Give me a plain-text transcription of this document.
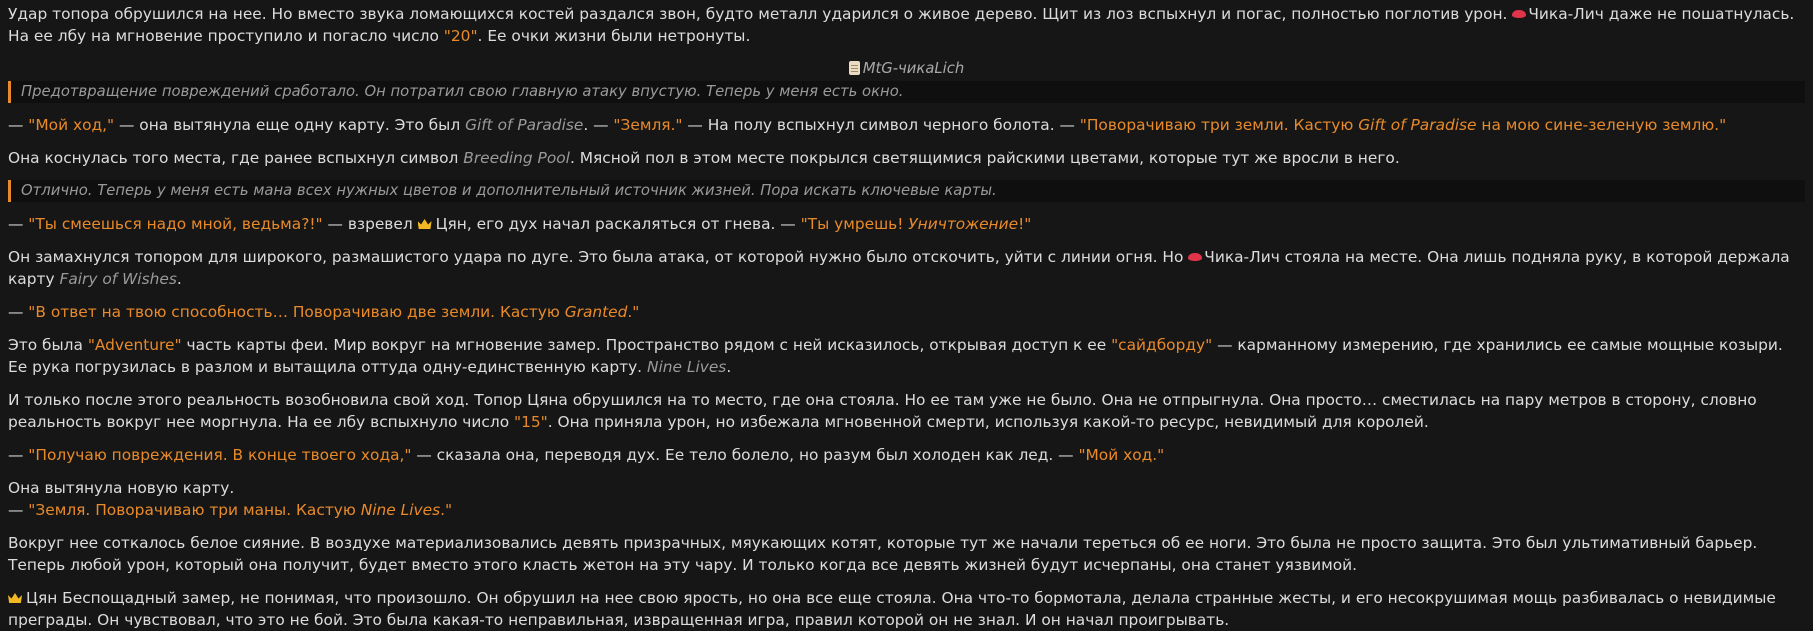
Удар топора обрушился на нее. Но вместо звука ломающихся костей раздался звон, будто металл ударился о живое дерево. Щит из лоз вспыхнул и погас, полностью поглотив урон. Чика-Лич даже не пошатнулась. На ее лбу на мгновение проступило и погасло число "20". Ее очки жизни были нетронуты.
MtG-чикаLich
Предотвращение повреждений сработало. Он потратил свою главную атаку впустую. Теперь у меня есть окно.
— "Мой ход," — она вытянула еще одну карту. Это был Gift of Paradise. — "Земля." — На полу вспыхнул символ черного болота. — "Поворачиваю три земли. Кастую Gift of Paradise на мою сине-зеленую землю."
Она коснулась того места, где ранее вспыхнул символ Breeding Pool. Мясной пол в этом месте покрылся светящимися райскими цветами, которые тут же вросли в него.
Отлично. Теперь у меня есть мана всех нужных цветов и дополнительный источник жизней. Пора искать ключевые карты.
— "Ты смеешься надо мной, ведьма?!" — взревел Цян, его дух начал раскаляться от гнева. — "Ты умрешь! Уничтожение!"
Он замахнулся топором для широкого, размашистого удара по дуге. Это была атака, от которой нужно было отскочить, уйти с линии огня. Но Чика-Лич стояла на месте. Она лишь подняла руку, в которой держала карту Fairy of Wishes.
— "В ответ на твою способность… Поворачиваю две земли. Кастую Granted."
Это была "Adventure" часть карты феи. Мир вокруг на мгновение замер. Пространство рядом с ней исказилось, открывая доступ к ее "сайдборду" — карманному измерению, где хранились ее самые мощные козыри. Ее рука погрузилась в разлом и вытащила оттуда одну-единственную карту. Nine Lives.
И только после этого реальность возобновила свой ход. Топор Цяна обрушился на то место, где она стояла. Но ее там уже не было. Она не отпрыгнула. Она просто… сместилась на пару метров в сторону, словно реальность вокруг нее моргнула. На ее лбу вспыхнуло число "15". Она приняла урон, но избежала мгновенной смерти, используя какой-то ресурс, невидимый для королей.
— "Получаю повреждения. В конце твоего хода," — сказала она, переводя дух. Ее тело болело, но разум был холоден как лед. — "Мой ход."
Она вытянула новую карту.
— "Земля. Поворачиваю три маны. Кастую Nine Lives."
Вокруг нее соткалось белое сияние. В воздухе материализовались девять призрачных, мяукающих котят, которые тут же начали тереться об ее ноги. Это была не просто защита. Это был ультимативный барьер. Теперь любой урон, который она получит, будет вместо этого класть жетон на эту чару. И только когда все девять жизней будут исчерпаны, она станет уязвимой.
Цян Беспощадный замер, не понимая, что произошло. Он обрушил на нее свою ярость, но она все еще стояла. Она что-то бормотала, делала странные жесты, и его несокрушимая мощь разбивалась о невидимые преграды. Он чувствовал, что это не бой. Это была какая-то неправильная, извращенная игра, правил которой он не знал. И он начал проигрывать.
